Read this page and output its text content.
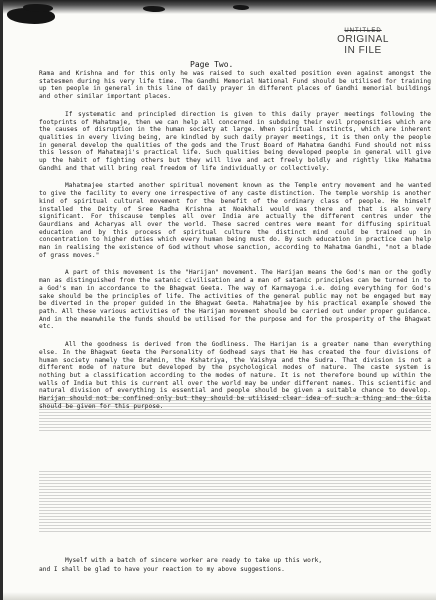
UNTITLED
ORIGINAL
IN FILE
Page Two.

Rama and Krishna and for this only he was raised to such exalted position even against amongst the statesmen during his very life time. The Gandhi Memorial National Fund should be utilised for training up ten people in general in this line of daily prayer in different places of Gandhi memorial buildings and other similar important places.

If systematic and principled direction is given to this daily prayer meetings following the footprints of Mahatmaje, then we can help all concerned in subduing their evil propensities which are the causes of disruption in the human society at large. When spiritual instincts, which are inherent qualities in every living being, are kindled by such daily prayer meetings, it is then only the people in general develop the qualities of the gods and the Trust Board of Mahatma Gandhi Fund should not miss this lesson of Mahatmaji's practical life. Such qualities being developed people in general will give up the habit of fighting others but they will live and act freely boldly and rightly like Mahatma Gandhi and that will bring real freedom of life individually or collectively.

Mahatmajee started another spiritual movement known as the Temple entry movement and he wanted to give the facility to every one irrespective of any caste distinction. The temple worship is another kind of spiritual cultural movement for the benefit of the ordinary class of people. He himself installed the Deity of Sree Radha Krishna at Noakhali would was there and that is also very significant. For thiscause temples all over India are actually the different centres under the Gaurdians and Acharyas all over the world. These sacred centres were meant for diffusing spiritual education and by this process of spiritual culture the distinct mind could be trained up in concentration to higher duties which every human being must do. By such education in practice can help man in realising the existence of God without whose sanction, according to Mahatma Gandhi, "not a blade of grass moves."

A part of this movement is the "Harijan" movement. The Harijan means the God's man or the godly man as distinguished from the satanic civilisation and a man of satanic principles can be turned in to a God's man in accordance to the Bhagwat Geeta. The way of Karmayoga i.e. doing everything for God's sake should be the principles of life. The activities of the general public may not be engaged but may be diverted in the proper guided in the Bhagwat Geeta. Mahatmajee by his practical example showed the path. All these various activities of the Harijan movement should be carried out under proper guidance. And in the meanwhile the funds should be utilised for the purpose and for the prosperity of the Bhagwat etc.

All the goodness is derived from the Godliness. The Harijan is a greater name than everything else. In the Bhagwat Geeta the Personality of Godhead says that He has created the four divisions of human society namely the Brahmin, the Kshatriya, the Vaishya and the Sudra. That division is not a different mode of nature but developed by the psychological modes of nature. The caste system is nothing but a classification according to the modes of nature. It is not therefore bound up within the walls of India but this is current all over the world may be under different names. This scientific and natural division of everything is essential and people should be given a suitable chance to develop. Harijan should not be confined only but they should be utilised clear idea of such a thing and the Gita should be given for this purpose.

Myself with a batch of sincere worker are ready to take up this work,
and I shall be glad to have your reaction to my above suggestions.
